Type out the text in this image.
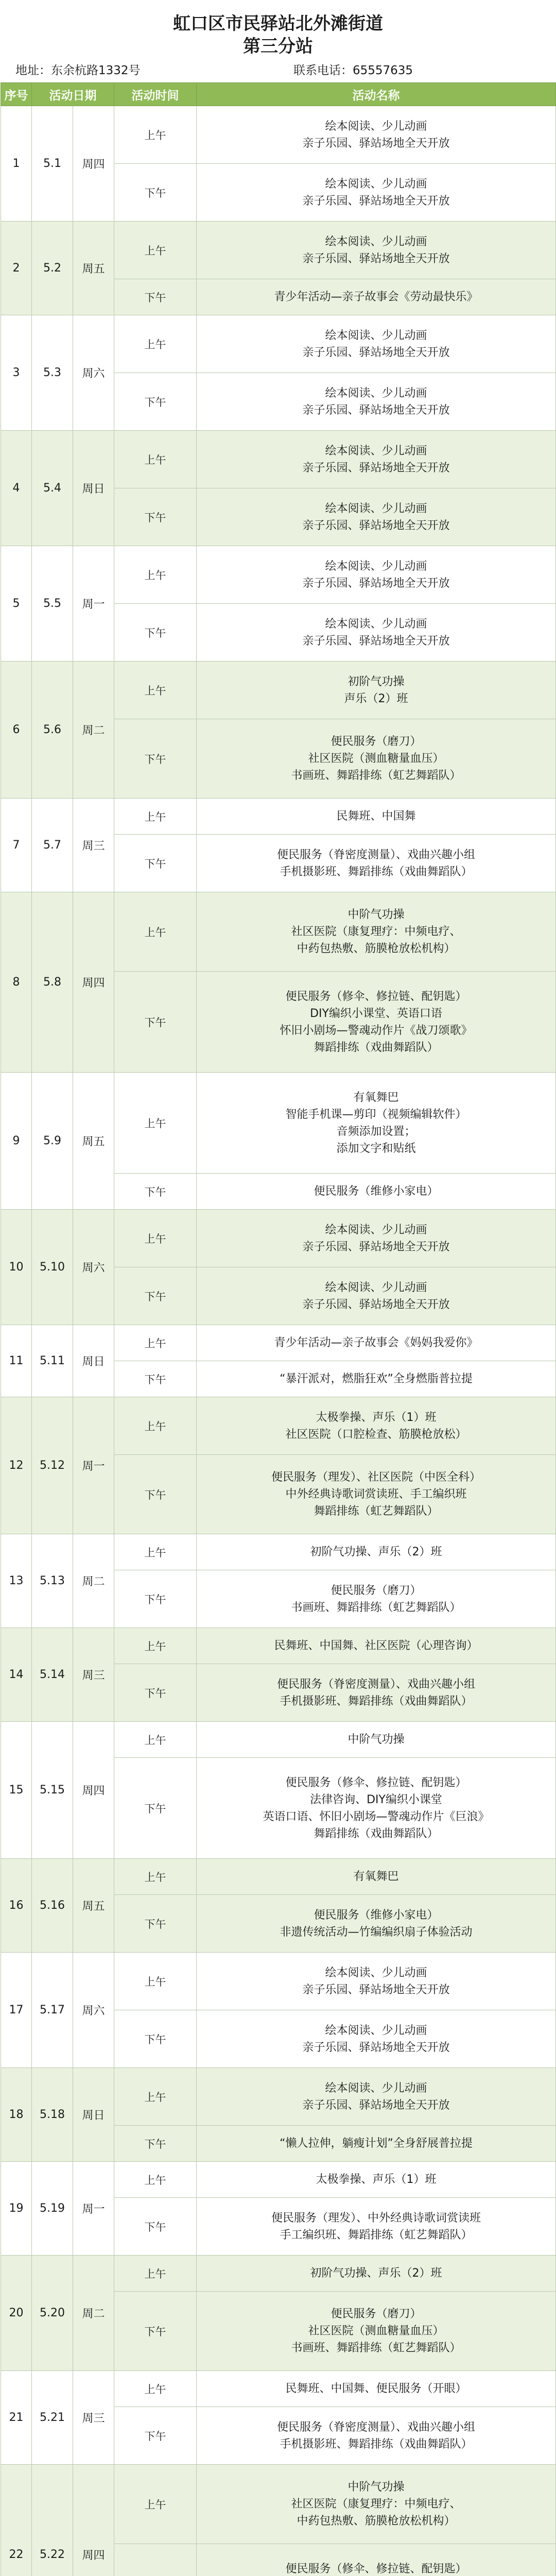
虹口区市民驿站北外滩街道
第三分站
地址：东余杭路1332号	联系电话：65557635
序号	活动日期		活动时间	活动名称
1	5.1	周四	上午	绘本阅读、少儿动画
亲子乐园、驿站场地全天开放

			下午	绘本阅读、少儿动画
亲子乐园、驿站场地全天开放

2	5.2	周五	上午	绘本阅读、少儿动画
亲子乐园、驿站场地全天开放

			下午	青少年活动—亲子故事会《劳动最快乐》

3	5.3	周六	上午	绘本阅读、少儿动画
亲子乐园、驿站场地全天开放

			下午	绘本阅读、少儿动画
亲子乐园、驿站场地全天开放

4	5.4	周日	上午	绘本阅读、少儿动画
亲子乐园、驿站场地全天开放

			下午	绘本阅读、少儿动画
亲子乐园、驿站场地全天开放

5	5.5	周一	上午	绘本阅读、少儿动画
亲子乐园、驿站场地全天开放

			下午	绘本阅读、少儿动画
亲子乐园、驿站场地全天开放

6	5.6	周二	上午	初阶气功操
声乐（2）班

			下午	便民服务（磨刀）
社区医院（测血糖量血压）
书画班、舞蹈排练（虹艺舞蹈队）

7	5.7	周三	上午	民舞班、中国舞

			下午	便民服务（脊密度测量）、戏曲兴趣小组
手机摄影班、舞蹈排练（戏曲舞蹈队）

8	5.8	周四	上午	中阶气功操
社区医院（康复理疗：中频电疗、
中药包热敷、筋膜枪放松机构）

			下午	便民服务（修伞、修拉链、配钥匙）
DIY编织小课堂、英语口语
怀旧小剧场—警魂动作片《战刀颂歌》
舞蹈排练（戏曲舞蹈队）

9	5.9	周五	上午	有氧舞巴
智能手机课—剪印（视频编辑软件）
音频添加设置；
添加文字和贴纸

			下午	便民服务（维修小家电）

10	5.10	周六	上午	绘本阅读、少儿动画
亲子乐园、驿站场地全天开放

			下午	绘本阅读、少儿动画
亲子乐园、驿站场地全天开放

11	5.11	周日	上午	青少年活动—亲子故事会《妈妈我爱你》

			下午	“暴汗派对，燃脂狂欢”全身燃脂普拉提

12	5.12	周一	上午	太极拳操、声乐（1）班
社区医院（口腔检查、筋膜枪放松）

			下午	便民服务（理发）、社区医院（中医全科）
中外经典诗歌词赏读班、手工编织班
舞蹈排练（虹艺舞蹈队）

13	5.13	周二	上午	初阶气功操、声乐（2）班

			下午	便民服务（磨刀）
书画班、舞蹈排练（虹艺舞蹈队）

14	5.14	周三	上午	民舞班、中国舞、社区医院（心理咨询）

			下午	便民服务（脊密度测量）、戏曲兴趣小组
手机摄影班、舞蹈排练（戏曲舞蹈队）

15	5.15	周四	上午	中阶气功操

			下午	便民服务（修伞、修拉链、配钥匙）
法律咨询、DIY编织小课堂
英语口语、怀旧小剧场—警魂动作片《巨浪》
舞蹈排练（戏曲舞蹈队）

16	5.16	周五	上午	有氧舞巴

			下午	便民服务（维修小家电）
非遗传统活动—竹编编织扇子体验活动

17	5.17	周六	上午	绘本阅读、少儿动画
亲子乐园、驿站场地全天开放

			下午	绘本阅读、少儿动画
亲子乐园、驿站场地全天开放

18	5.18	周日	上午	绘本阅读、少儿动画
亲子乐园、驿站场地全天开放

			下午	“懒人拉伸，躺瘦计划”全身舒展普拉提

19	5.19	周一	上午	太极拳操、声乐（1）班

			下午	便民服务（理发）、中外经典诗歌词赏读班
手工编织班、舞蹈排练（虹艺舞蹈队）

20	5.20	周二	上午	初阶气功操、声乐（2）班

			下午	便民服务（磨刀）
社区医院（测血糖量血压）
书画班、舞蹈排练（虹艺舞蹈队）

21	5.21	周三	上午	民舞班、中国舞、便民服务（开眼）

			下午	便民服务（脊密度测量）、戏曲兴趣小组
手机摄影班、舞蹈排练（戏曲舞蹈队）

22	5.22	周四	上午	中阶气功操
社区医院（康复理疗：中频电疗、
中药包热敷、筋膜枪放松机构）

便民服务（修伞、修拉链、配钥匙）
